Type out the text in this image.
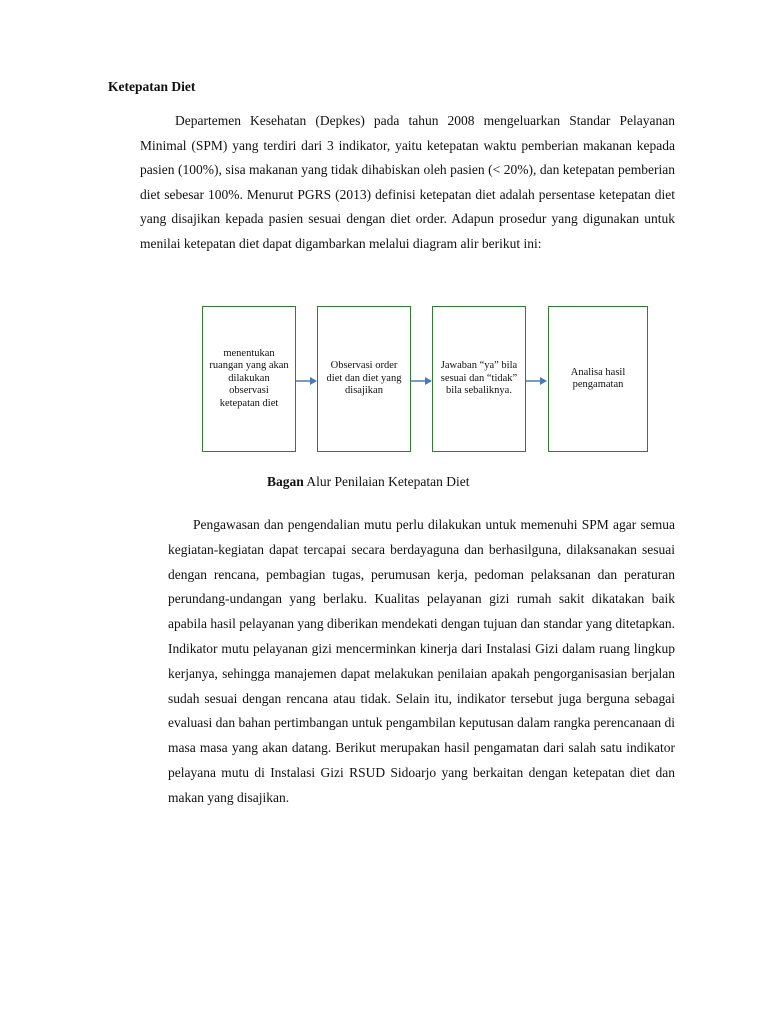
Ketepatan Diet

Departemen Kesehatan (Depkes) pada tahun 2008 mengeluarkan Standar Pelayanan Minimal (SPM) yang terdiri dari 3 indikator, yaitu ketepatan waktu pemberian makanan kepada pasien (100%), sisa makanan yang tidak dihabiskan oleh pasien (< 20%), dan ketepatan pemberian diet sebesar 100%. Menurut PGRS (2013) definisi ketepatan diet adalah persentase ketepatan diet yang disajikan kepada pasien sesuai dengan diet order. Adapun prosedur yang digunakan untuk menilai ketepatan diet dapat digambarkan melalui diagram alir berikut ini:

menentukan ruangan yang akan dilakukan observasi ketepatan diet
Observasi order diet dan diet yang disajikan
Jawaban “ya” bila sesuai dan “tidak” bila sebaliknya.
Analisa hasil pengamatan

Bagan Alur Penilaian Ketepatan Diet

Pengawasan dan pengendalian mutu perlu dilakukan untuk memenuhi SPM agar semua kegiatan-kegiatan dapat tercapai secara berdayaguna dan berhasilguna, dilaksanakan sesuai dengan rencana, pembagian tugas, perumusan kerja, pedoman pelaksanan dan peraturan perundang-undangan yang berlaku. Kualitas pelayanan gizi rumah sakit dikatakan baik apabila hasil pelayanan yang diberikan mendekati dengan tujuan dan standar yang ditetapkan. Indikator mutu pelayanan gizi mencerminkan kinerja dari Instalasi Gizi dalam ruang lingkup kerjanya, sehingga manajemen dapat melakukan penilaian apakah pengorganisasian berjalan sudah sesuai dengan rencana atau tidak. Selain itu, indikator tersebut juga berguna sebagai evaluasi dan bahan pertimbangan untuk pengambilan keputusan dalam rangka perencanaan di masa masa yang akan datang. Berikut merupakan hasil pengamatan dari salah satu indikator pelayana mutu di Instalasi Gizi RSUD Sidoarjo yang berkaitan dengan ketepatan diet dan makan yang disajikan.
